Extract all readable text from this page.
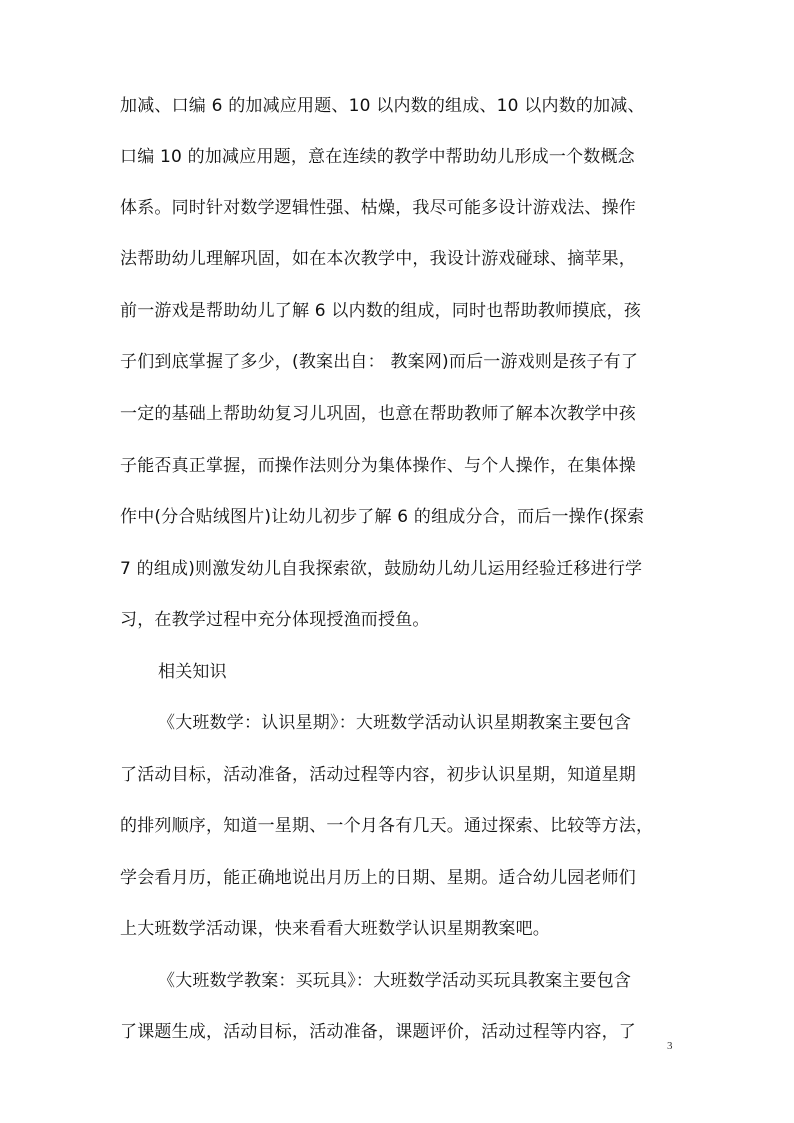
加减、口编 6 的加减应用题、10 以内数的组成、10 以内数的加减、
口编 10 的加减应用题，意在连续的教学中帮助幼儿形成一个数概念
体系。同时针对数学逻辑性强、枯燥，我尽可能多设计游戏法、操作
法帮助幼儿理解巩固，如在本次教学中，我设计游戏碰球、摘苹果，
前一游戏是帮助幼儿了解 6 以内数的组成，同时也帮助教师摸底，孩
子们到底掌握了多少，(教案出自： 教案网)而后一游戏则是孩子有了
一定的基础上帮助幼复习儿巩固，也意在帮助教师了解本次教学中孩
子能否真正掌握，而操作法则分为集体操作、与个人操作，在集体操
作中(分合贴绒图片)让幼儿初步了解 6 的组成分合，而后一操作(探索
7 的组成)则激发幼儿自我探索欲，鼓励幼儿幼儿运用经验迁移进行学
习，在教学过程中充分体现授渔而授鱼。
相关知识
《大班数学：认识星期》：大班数学活动认识星期教案主要包含
了活动目标，活动准备，活动过程等内容，初步认识星期，知道星期
的排列顺序，知道一星期、一个月各有几天。通过探索、比较等方法，
学会看月历，能正确地说出月历上的日期、星期。适合幼儿园老师们
上大班数学活动课，快来看看大班数学认识星期教案吧。
《大班数学教案：买玩具》：大班数学活动买玩具教案主要包含
了课题生成，活动目标，活动准备，课题评价，活动过程等内容，了
3
